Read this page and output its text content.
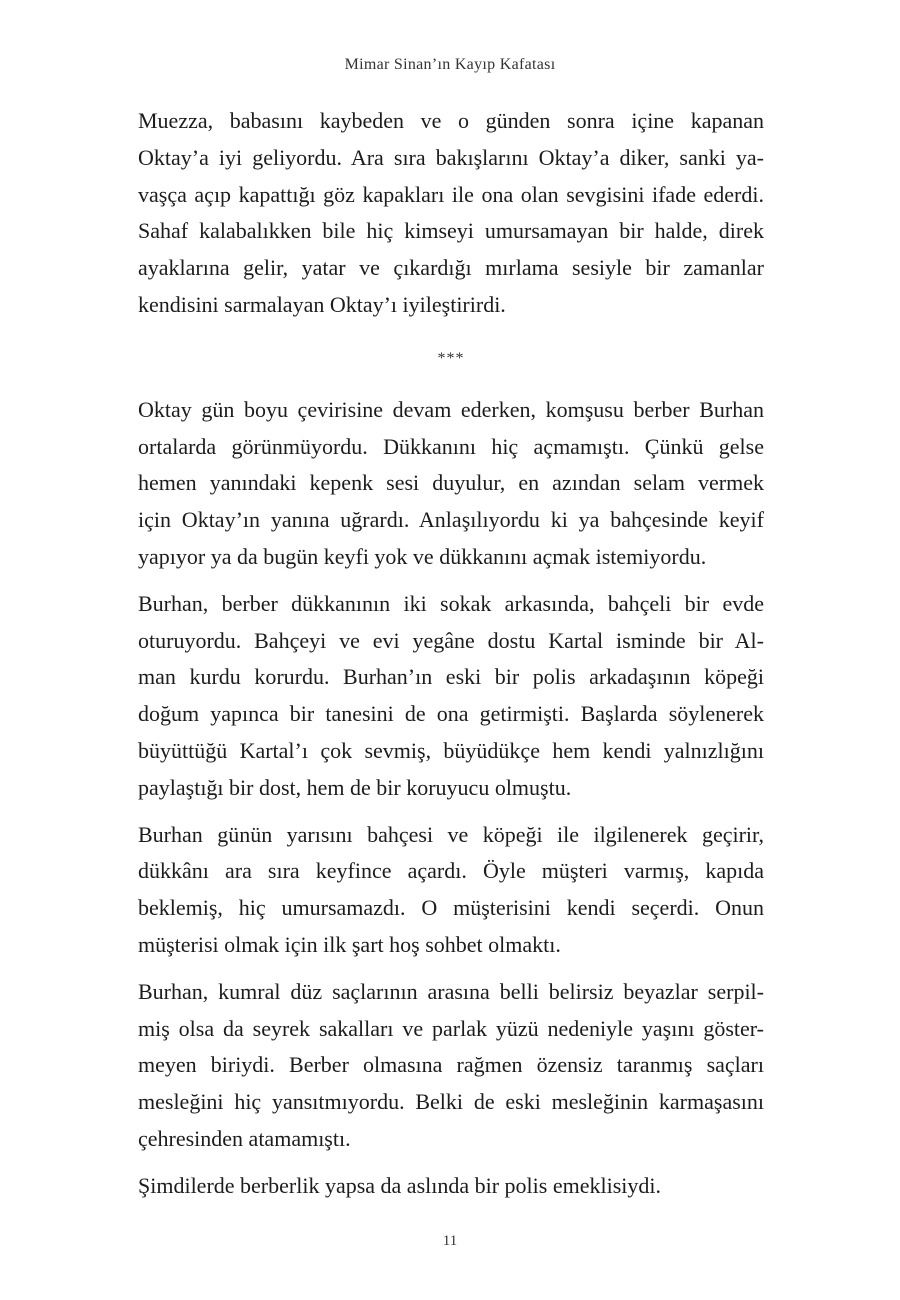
Mimar Sinan’ın Kayıp Kafatası
Muezza, babasını kaybeden ve o günden sonra içine kapanan
Oktay’a iyi geliyordu. Ara sıra bakışlarını Oktay’a diker, sanki ya-
vaşça açıp kapattığı göz kapakları ile ona olan sevgisini ifade ederdi.
Sahaf kalabalıkken bile hiç kimseyi umursamayan bir halde, direk
ayaklarına gelir, yatar ve çıkardığı mırlama sesiyle bir zamanlar
kendisini sarmalayan Oktay’ı iyileştirirdi.
***
Oktay gün boyu çevirisine devam ederken, komşusu berber Burhan
ortalarda görünmüyordu. Dükkanını hiç açmamıştı. Çünkü gelse
hemen yanındaki kepenk sesi duyulur, en azından selam vermek
için Oktay’ın yanına uğrardı. Anlaşılıyordu ki ya bahçesinde keyif
yapıyor ya da bugün keyfi yok ve dükkanını açmak istemiyordu.
Burhan, berber dükkanının iki sokak arkasında, bahçeli bir evde
oturuyordu. Bahçeyi ve evi yegâne dostu Kartal isminde bir Al-
man kurdu korurdu. Burhan’ın eski bir polis arkadaşının köpeği
doğum yapınca bir tanesini de ona getirmişti. Başlarda söylenerek
büyüttüğü Kartal’ı çok sevmiş, büyüdükçe hem kendi yalnızlığını
paylaştığı bir dost, hem de bir koruyucu olmuştu.
Burhan günün yarısını bahçesi ve köpeği ile ilgilenerek geçirir,
dükkânı ara sıra keyfince açardı. Öyle müşteri varmış, kapıda
beklemiş, hiç umursamazdı. O müşterisini kendi seçerdi. Onun
müşterisi olmak için ilk şart hoş sohbet olmaktı.
Burhan, kumral düz saçlarının arasına belli belirsiz beyazlar serpil-
miş olsa da seyrek sakalları ve parlak yüzü nedeniyle yaşını göster-
meyen biriydi. Berber olmasına rağmen özensiz taranmış saçları
mesleğini hiç yansıtmıyordu. Belki de eski mesleğinin karmaşasını
çehresinden atamamıştı.
Şimdilerde berberlik yapsa da aslında bir polis emeklisiydi.
11
